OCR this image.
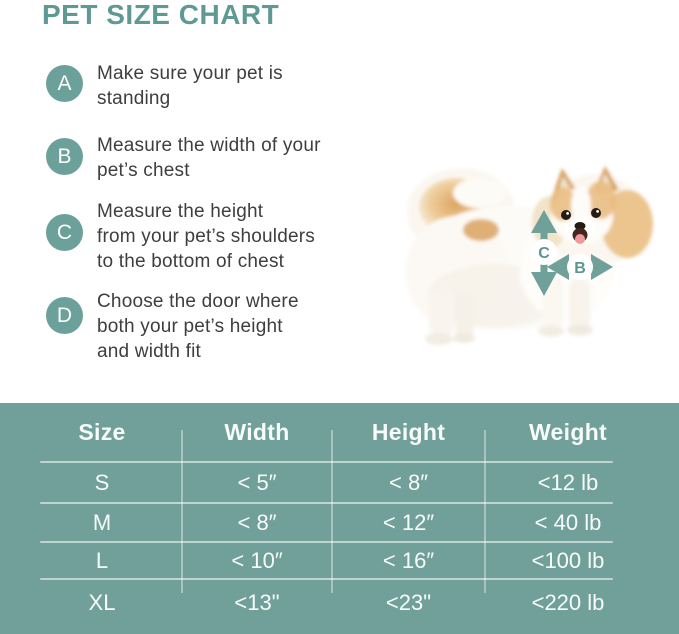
PET SIZE CHART
A Make sure your pet is
standing
B Measure the width of your
pet’s chest
C
Measure the height
from your pet’s shoulders
to the bottom of chest
D
Choose the door where
both your pet’s height
and width fit
C
B
Size	Width	Height	Weight
S	< 5″	< 8″	<12 lb
M	< 8″	< 12″	< 40 lb
L	< 10″	< 16″	<100 lb
XL	<13"	<23"	<220 lb
